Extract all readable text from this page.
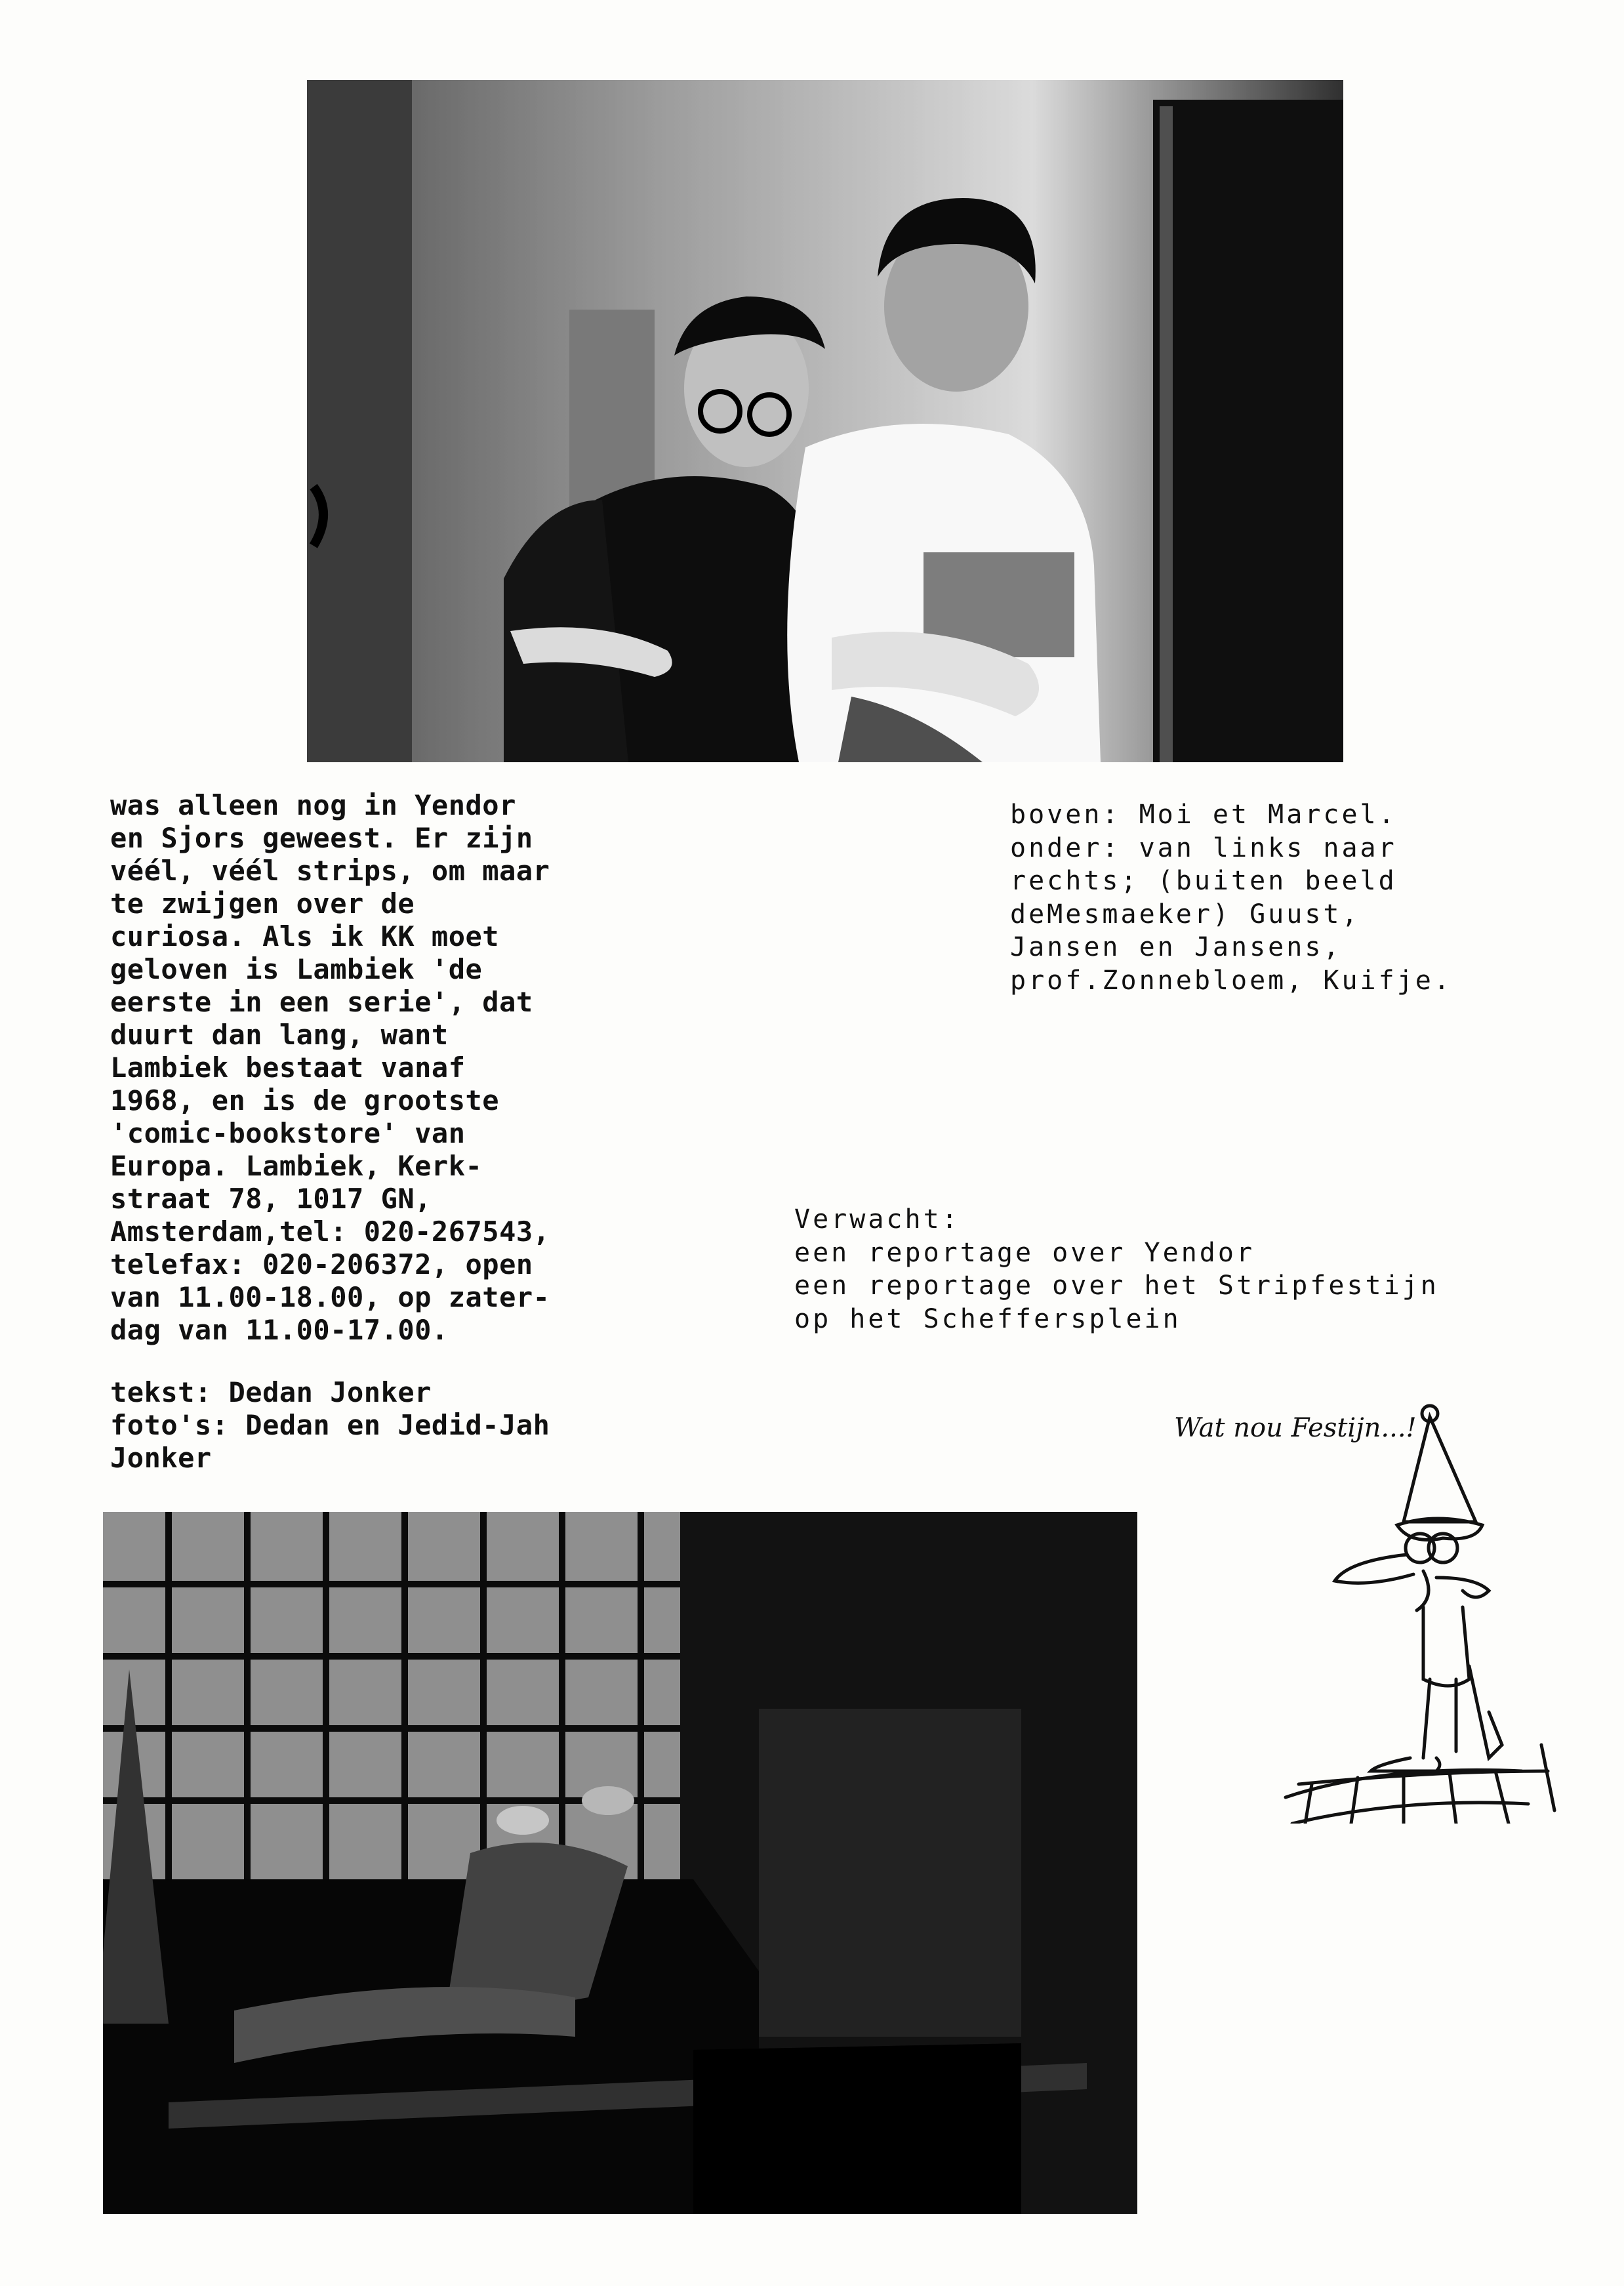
was alleen nog in Yendor
en Sjors geweest. Er zijn
véél, véél strips, om maar
te zwijgen over de
curiosa. Als ik KK moet
geloven is Lambiek 'de
eerste in een serie', dat
duurt dan lang, want
Lambiek bestaat vanaf
1968, en is de grootste
'comic-bookstore' van
Europa. Lambiek, Kerk-
straat 78, 1017 GN,
Amsterdam,tel: 020-267543,
telefax: 020-206372, open
van 11.00-18.00, op zater-
dag van 11.00-17.00.
tekst: Dedan Jonker
foto's: Dedan en Jedid-Jah
Jonker
boven: Moi et Marcel.
onder: van links naar
rechts; (buiten beeld
deMesmaeker) Guust,
Jansen en Jansens,
prof.Zonnebloem, Kuifje.
Verwacht:
een reportage over Yendor
een reportage over het Stripfestijn
op het Scheffersplein
Wat nou Festijn...!
